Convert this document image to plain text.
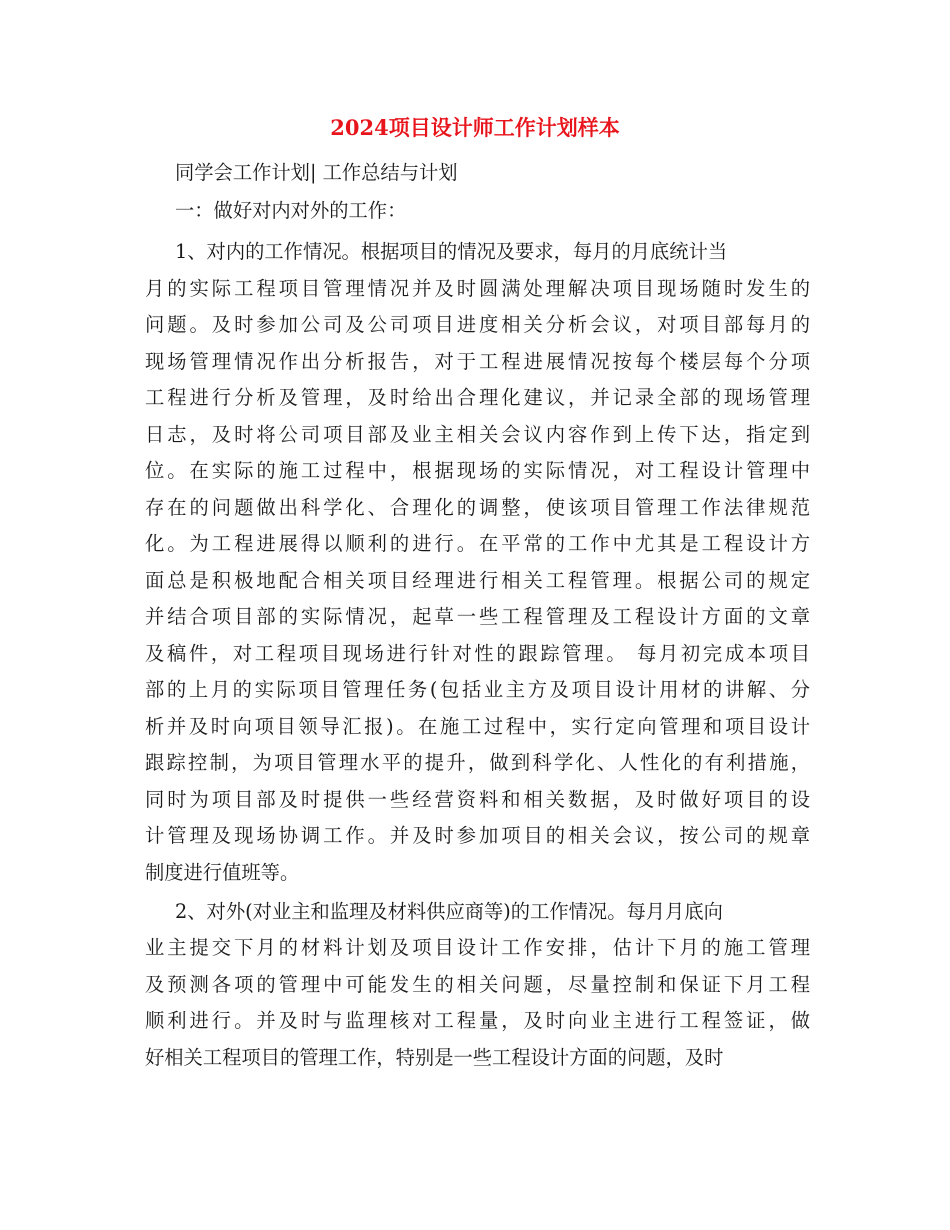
2024项目设计师工作计划样本

同学会工作计划| 工作总结与计划

一：做好对内对外的工作：

1、对内的工作情况。根据项目的情况及要求，每月的月底统计当

月的实际工程项目管理情况并及时圆满处理解决项目现场随时发生的

问题。及时参加公司及公司项目进度相关分析会议，对项目部每月的

现场管理情况作出分析报告，对于工程进展情况按每个楼层每个分项

工程进行分析及管理，及时给出合理化建议，并记录全部的现场管理

日志，及时将公司项目部及业主相关会议内容作到上传下达，指定到

位。在实际的施工过程中，根据现场的实际情况，对工程设计管理中

存在的问题做出科学化、合理化的调整，使该项目管理工作法律规范

化。为工程进展得以顺利的进行。在平常的工作中尤其是工程设计方

面总是积极地配合相关项目经理进行相关工程管理。根据公司的规定

并结合项目部的实际情况，起草一些工程管理及工程设计方面的文章

及稿件，对工程项目现场进行针对性的跟踪管理。 每月初完成本项目

部的上月的实际项目管理任务(包括业主方及项目设计用材的讲解、分

析并及时向项目领导汇报)。在施工过程中，实行定向管理和项目设计

跟踪控制，为项目管理水平的提升，做到科学化、人性化的有利措施，

同时为项目部及时提供一些经营资料和相关数据，及时做好项目的设

计管理及现场协调工作。并及时参加项目的相关会议，按公司的规章

制度进行值班等。

2、对外(对业主和监理及材料供应商等)的工作情况。每月月底向

业主提交下月的材料计划及项目设计工作安排，估计下月的施工管理

及预测各项的管理中可能发生的相关问题，尽量控制和保证下月工程

顺利进行。并及时与监理核对工程量，及时向业主进行工程签证，做

好相关工程项目的管理工作，特别是一些工程设计方面的问题，及时
